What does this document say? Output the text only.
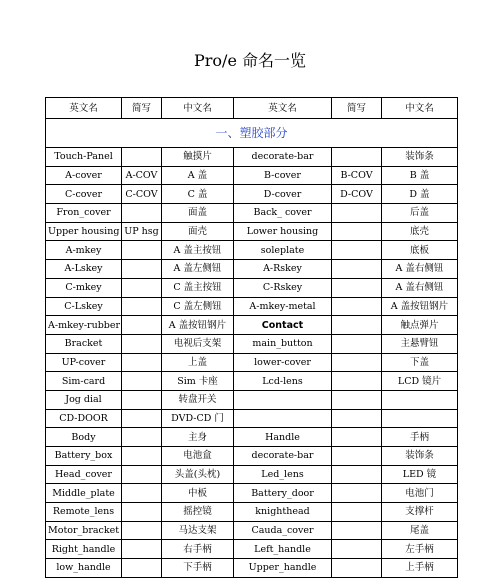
Pro/e 命名一览
英文名	简写	中文名	英文名	简写	中文名
一、塑胶部分					
Touch-Panel		触摸片	decorate-bar		装饰条
A-cover	A-COV	A 盖	B-cover	B-COV	B 盖
C-cover	C-COV	C 盖	D-cover	D-COV	D 盖
Fron_cover		面盖	Back_ cover		后盖
Upper housing	UP hsg	面壳	Lower housing		底壳
A-mkey		A 盖主按钮	soleplate		底板
A-Lskey		A 盖左侧钮	A-Rskey		A 盖右侧钮
C-mkey		C 盖主按钮	C-Rskey		A 盖右侧钮
C-Lskey		C 盖左侧钮	A-mkey-metal		A 盖按钮钢片
A-mkey-rubber		A 盖按钮钢片	Contact		触点弹片
Bracket		电视后支架	main_button		主悬臂钮
UP-cover		上盖	lower-cover		下盖
Sim-card		Sim 卡座	Lcd-lens		LCD 镜片
Jog dial		转盘开关			
CD-DOOR		DVD-CD 门			
Body		主身	Handle		手柄
Battery_box		电池盒	decorate-bar		装饰条
Head_cover		头盖(头枕)	Led_lens		LED 镜
Middle_plate		中板	Battery_door		电池门
Remote_lens		摇控镜	knighthead		支撑杆
Motor_bracket		马达支架	Cauda_cover		尾盖
Right_handle		右手柄	Left_handle		左手柄
low_handle		下手柄	Upper_handle		上手柄
